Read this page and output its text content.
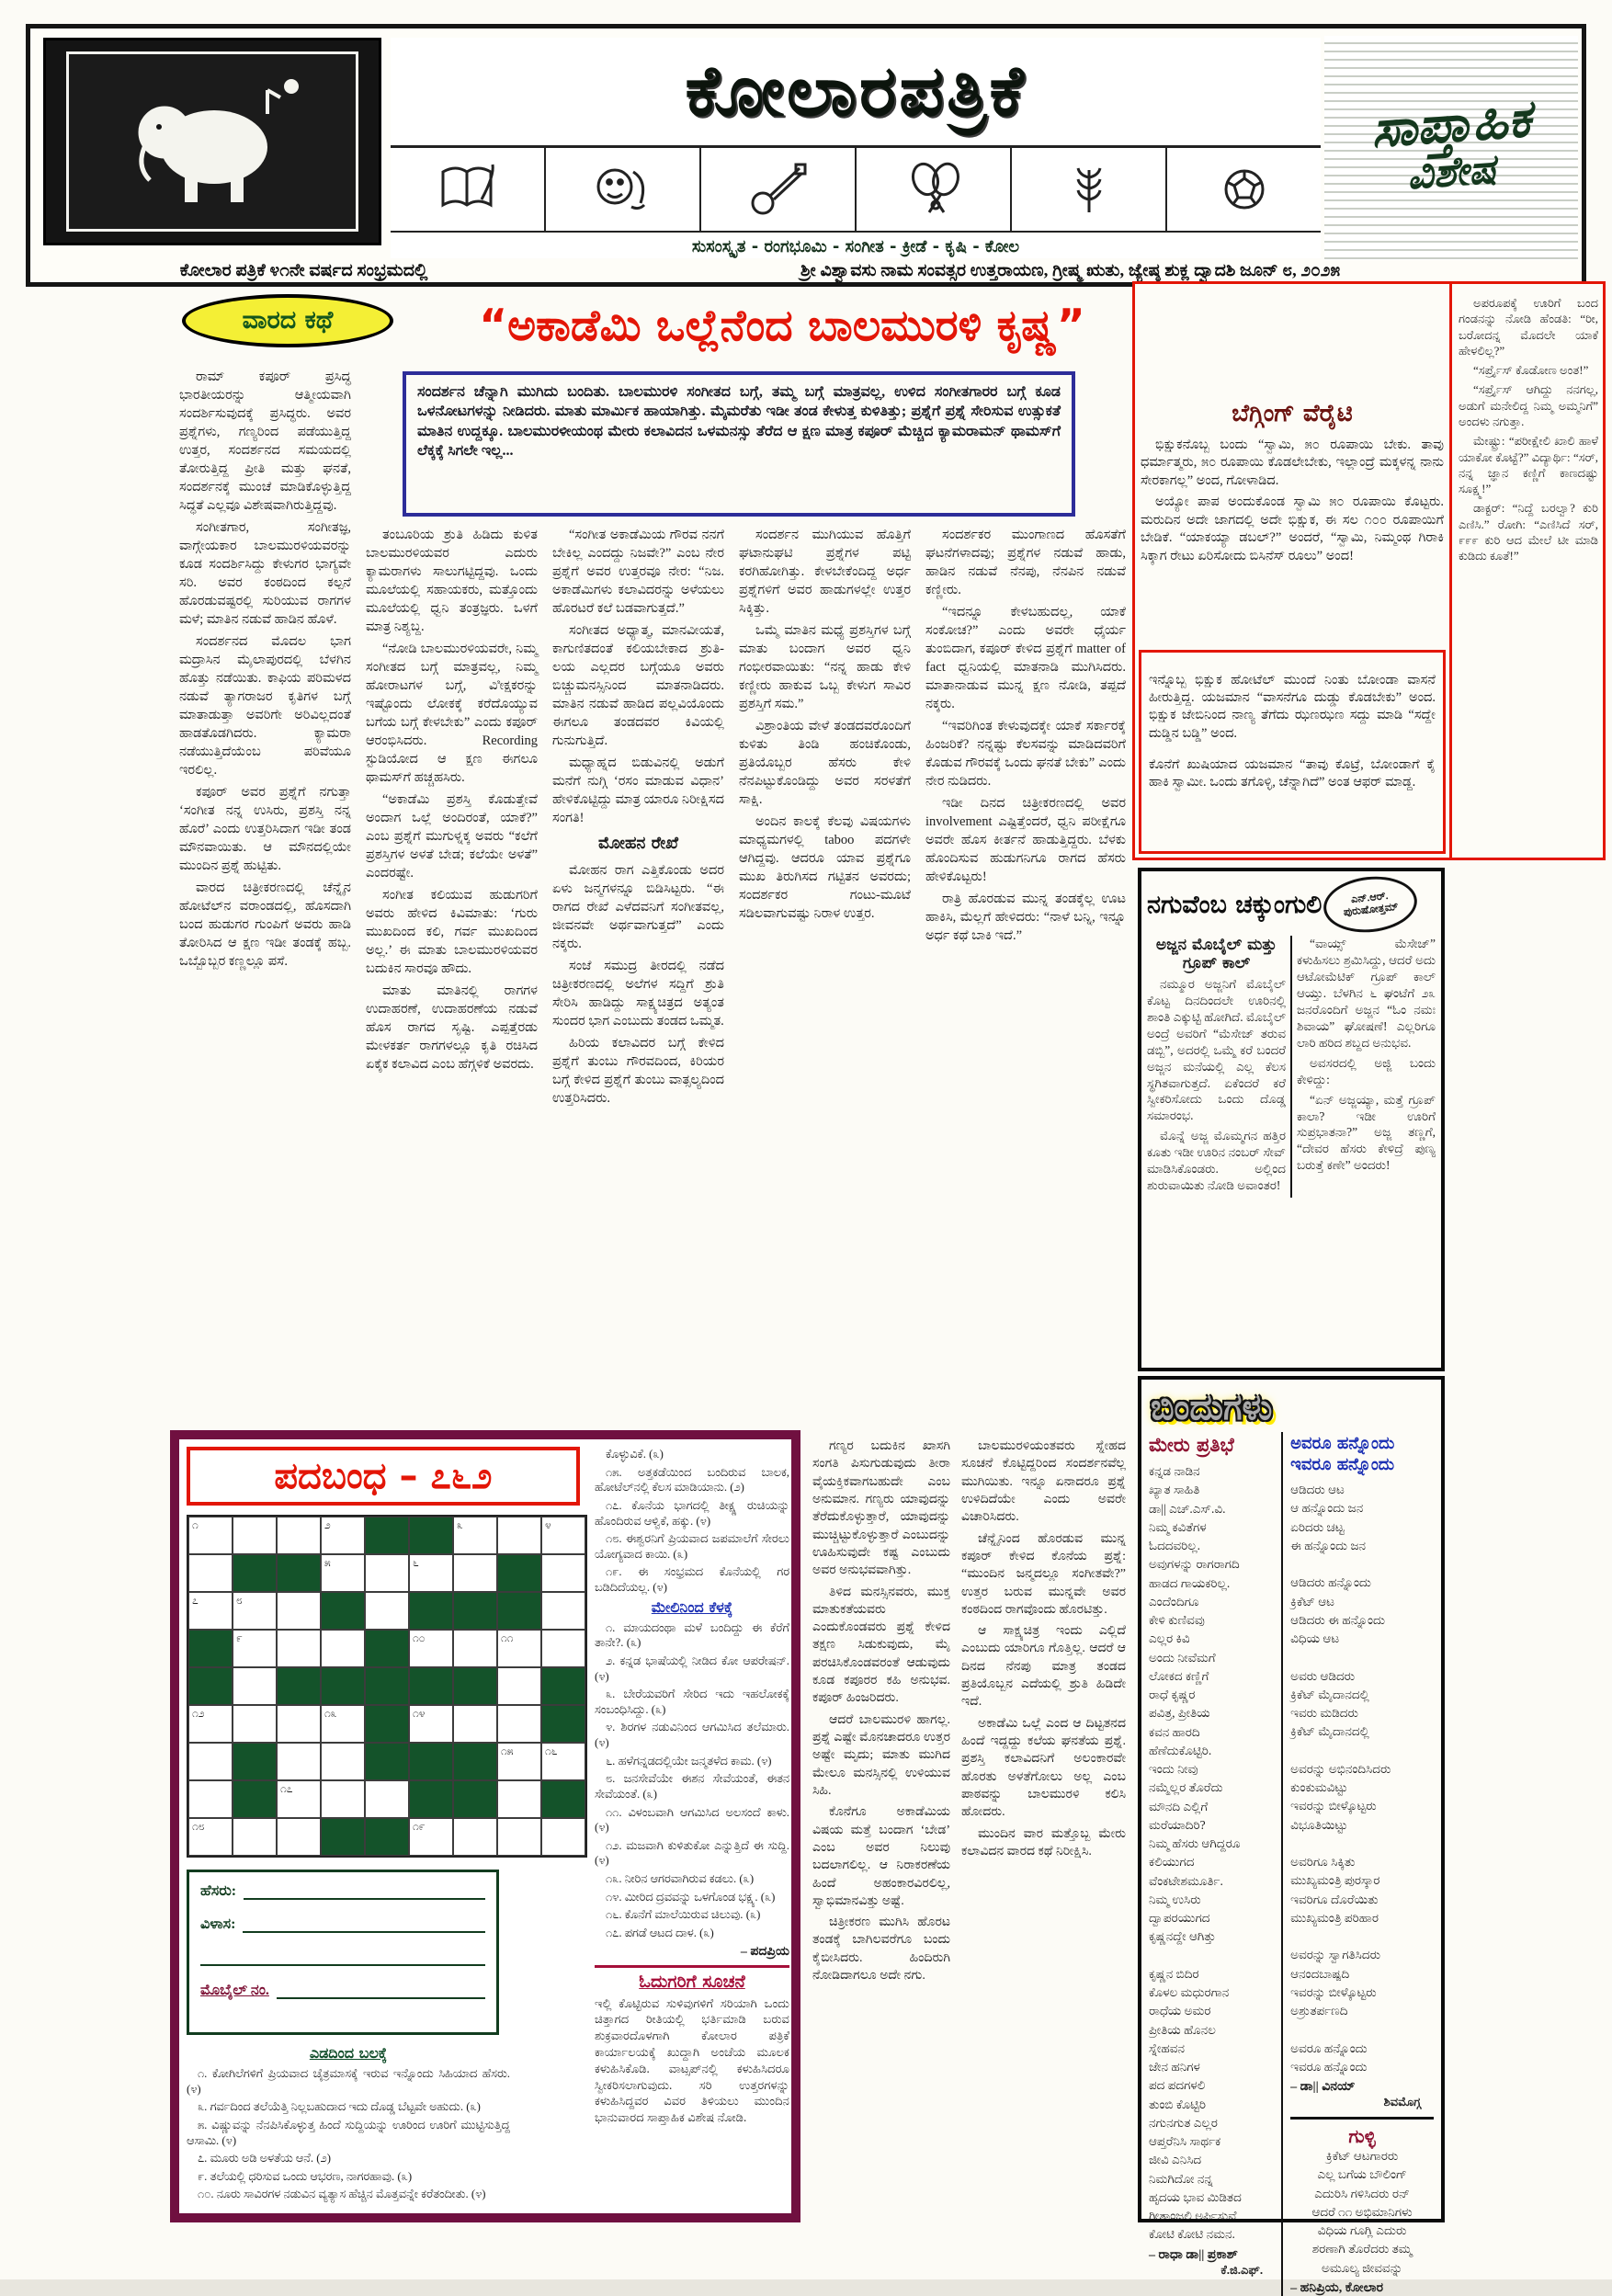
ಕೋಲಾರಪತ್ರಿಕೆ	ಸಾಪ್ತಾಹಿಕ
ವಿಶೇಷ
ಸುಸಂಸ್ಕೃತ - ರಂಗಭೂಮಿ - ಸಂಗೀತ - ಕ್ರೀಡೆ - ಕೃಷಿ - ಕೋಲ
ಕೋಲಾರ ಪತ್ರಿಕೆ ೪೧ನೇ ವರ್ಷದ ಸಂಭ್ರಮದಲ್ಲಿ	ಶ್ರೀ ವಿಶ್ವಾವಸು ನಾಮ ಸಂವತ್ಸರ ಉತ್ತರಾಯಣ, ಗ್ರೀಷ್ಮ ಋತು, ಜ್ಯೇಷ್ಠ ಶುಕ್ಲ ದ್ವಾದಶಿ ಜೂನ್ ೮, ೨೦೨೫
ವಾರದ ಕಥೆ	“ಅಕಾಡೆಮಿ ಒಲ್ಲೆನೆಂದ ಬಾಲಮುರಳಿ ಕೃಷ್ಣ”
ಸಂದರ್ಶನ ಚೆನ್ನಾಗಿ ಮುಗಿದು ಬಂದಿತು. ಬಾಲಮುರಳಿ ಸಂಗೀತದ ಬಗ್ಗೆ, ತಮ್ಮ ಬಗ್ಗೆ ಮಾತ್ರವಲ್ಲ, ಉಳಿದ ಸಂಗೀತಗಾರರ ಬಗ್ಗೆ ಕೂಡ ಒಳನೋಟಗಳನ್ನು ನೀಡಿದರು. ಮಾತು ಮಾರ್ಮಿಕ ಹಾಯಾಗಿತ್ತು. ಮೈಮರೆತು ಇಡೀ ತಂಡ ಕೇಳುತ್ತ ಕುಳಿತಿತ್ತು; ಪ್ರಶ್ನೆಗೆ ಪ್ರಶ್ನೆ ಸೇರಿಸುವ ಉತ್ಸುಕತೆ ಮಾತಿನ ಉದ್ದಕ್ಕೂ. ಬಾಲಮುರಳೀಯಂಥ ಮೇರು ಕಲಾವಿದನ ಒಳಮನಸ್ಸು ತೆರೆದ ಆ ಕ್ಷಣ ಮಾತ್ರ ಕಪೂರ್ ಮೆಚ್ಚಿದ ಕ್ಯಾಮರಾಮನ್ ಥಾಮಸ್‌ಗೆ ಲೆಕ್ಕಕ್ಕೆ ಸಿಗಲೇ ಇಲ್ಲ...

ರಾಮ್ ಕಪೂರ್ ಪ್ರಸಿದ್ಧ ಭಾರತೀಯರನ್ನು ಆತ್ಮೀಯವಾಗಿ ಸಂದರ್ಶಿಸುವುದಕ್ಕೆ ಪ್ರಸಿದ್ಧರು. ಅವರ ಪ್ರಶ್ನೆಗಳು, ಗಣ್ಯರಿಂದ ಪಡೆಯುತ್ತಿದ್ದ ಉತ್ತರ, ಸಂದರ್ಶನದ ಸಮಯದಲ್ಲಿ ತೋರುತ್ತಿದ್ದ ಪ್ರೀತಿ ಮತ್ತು ಘನತೆ, ಸಂದರ್ಶನಕ್ಕೆ ಮುಂಚೆ ಮಾಡಿಕೊಳ್ಳುತ್ತಿದ್ದ ಸಿದ್ಧತೆ ಎಲ್ಲವೂ ವಿಶೇಷವಾಗಿರುತ್ತಿದ್ದವು.

ಸಂಗೀತಗಾರ, ಸಂಗೀತಜ್ಞ, ವಾಗ್ಗೇಯಕಾರ ಬಾಲಮುರಳಿಯವರನ್ನು ಕೂಡ ಸಂದರ್ಶಿಸಿದ್ದು ಕೇಳುಗರ ಭಾಗ್ಯವೇ ಸರಿ. ಅವರ ಕಂಠದಿಂದ ಕಲ್ಪನೆ ಹೊರಡುವಷ್ಟರಲ್ಲಿ ಸುರಿಯುವ ರಾಗಗಳ ಮಳೆ; ಮಾತಿನ ನಡುವೆ ಹಾಡಿನ ಹೊಳೆ.

ಸಂದರ್ಶನದ ಮೊದಲ ಭಾಗ ಮದ್ರಾಸಿನ ಮೈಲಾಪುರದಲ್ಲಿ ಬೆಳಗಿನ ಹೊತ್ತು ನಡೆಯಿತು. ಕಾಫಿಯ ಪರಿಮಳದ ನಡುವೆ ತ್ಯಾಗರಾಜರ ಕೃತಿಗಳ ಬಗ್ಗೆ ಮಾತಾಡುತ್ತಾ ಅವರಿಗೇ ಅರಿವಿಲ್ಲದಂತೆ ಹಾಡತೊಡಗಿದರು. ಕ್ಯಾಮರಾ ನಡೆಯುತ್ತಿದೆಯೆಂಬ ಪರಿವೆಯೂ ಇರಲಿಲ್ಲ.

ಕಪೂರ್ ಅವರ ಪ್ರಶ್ನೆಗೆ ನಗುತ್ತಾ ‘ಸಂಗೀತ ನನ್ನ ಉಸಿರು, ಪ್ರಶಸ್ತಿ ನನ್ನ ಹೊರೆ’ ಎಂದು ಉತ್ತರಿಸಿದಾಗ ಇಡೀ ತಂಡ ಮೌನವಾಯಿತು. ಆ ಮೌನದಲ್ಲಿಯೇ ಮುಂದಿನ ಪ್ರಶ್ನೆ ಹುಟ್ಟಿತು.

ವಾರದ ಚಿತ್ರೀಕರಣದಲ್ಲಿ ಚೆನ್ನೈನ ಹೋಟೆಲ್‌ನ ವರಾಂಡದಲ್ಲಿ, ಹೊಸದಾಗಿ ಬಂದ ಹುಡುಗರ ಗುಂಪಿಗೆ ಅವರು ಹಾಡಿ ತೋರಿಸಿದ ಆ ಕ್ಷಣ ಇಡೀ ತಂಡಕ್ಕೆ ಹಬ್ಬ. ಒಬ್ಬೊಬ್ಬರ ಕಣ್ಣಲ್ಲೂ ಪಸೆ.

ತಂಬೂರಿಯ ಶ್ರುತಿ ಹಿಡಿದು ಕುಳಿತ ಬಾಲಮುರಳಿಯವರ ಎದುರು ಕ್ಯಾಮರಾಗಳು ಸಾಲುಗಟ್ಟಿದ್ದವು. ಒಂದು ಮೂಲೆಯಲ್ಲಿ ಸಹಾಯಕರು, ಮತ್ತೊಂದು ಮೂಲೆಯಲ್ಲಿ ಧ್ವನಿ ತಂತ್ರಜ್ಞರು. ಒಳಗೆ ಮಾತ್ರ ನಿಶ್ಯಬ್ದ.

“ನೋಡಿ ಬಾಲಮುರಳಿಯವರೇ, ನಿಮ್ಮ ಸಂಗೀತದ ಬಗ್ಗೆ ಮಾತ್ರವಲ್ಲ, ನಿಮ್ಮ ಹೋರಾಟಗಳ ಬಗ್ಗೆ, ವಿೀಕ್ಷಕರನ್ನು ಇಷ್ಟೊಂದು ಲೋಕಕ್ಕೆ ಕರೆದೊಯ್ಯುವ ಬಗೆಯ ಬಗ್ಗೆ ಕೇಳಬೇಕು” ಎಂದು ಕಪೂರ್ ಆರಂಭಿಸಿದರು. Recording ಸ್ಟುಡಿಯೋದ ಆ ಕ್ಷಣ ಈಗಲೂ ಥಾಮಸ್‌ಗೆ ಹಚ್ಚಹಸಿರು.

“ಅಕಾಡೆಮಿ ಪ್ರಶಸ್ತಿ ಕೊಡುತ್ತೇವೆ ಅಂದಾಗ ಒಲ್ಲೆ ಅಂದಿರಂತೆ, ಯಾಕೆ?” ಎಂಬ ಪ್ರಶ್ನೆಗೆ ಮುಗುಳ್ನಕ್ಕ ಅವರು “ಕಲೆಗೆ ಪ್ರಶಸ್ತಿಗಳ ಅಳತೆ ಬೇಡ; ಕಲೆಯೇ ಅಳತೆ” ಎಂದರಷ್ಟೇ.

ಸಂಗೀತ ಕಲಿಯುವ ಹುಡುಗರಿಗೆ ಅವರು ಹೇಳಿದ ಕಿವಿಮಾತು: ‘ಗುರು ಮುಖದಿಂದ ಕಲಿ, ಗರ್ವ ಮುಖದಿಂದ ಅಲ್ಲ.’ ಈ ಮಾತು ಬಾಲಮುರಳಿಯವರ ಬದುಕಿನ ಸಾರವೂ ಹೌದು.

ಮಾತು ಮಾತಿನಲ್ಲಿ ರಾಗಗಳ ಉದಾಹರಣೆ, ಉದಾಹರಣೆಯ ನಡುವೆ ಹೊಸ ರಾಗದ ಸೃಷ್ಟಿ. ಎಪ್ಪತ್ತೆರಡು ಮೇಳಕರ್ತ ರಾಗಗಳಲ್ಲೂ ಕೃತಿ ರಚಿಸಿದ ಏಕೈಕ ಕಲಾವಿದ ಎಂಬ ಹೆಗ್ಗಳಿಕೆ ಅವರದು.

“ಸಂಗೀತ ಅಕಾಡೆಮಿಯ ಗೌರವ ನನಗೆ ಬೇಕಿಲ್ಲ ಎಂದದ್ದು ನಿಜವೇ?” ಎಂಬ ನೇರ ಪ್ರಶ್ನೆಗೆ ಅವರ ಉತ್ತರವೂ ನೇರ: “ನಿಜ. ಅಕಾಡೆಮಿಗಳು ಕಲಾವಿದರನ್ನು ಅಳೆಯಲು ಹೊರಟರೆ ಕಲೆ ಬಡವಾಗುತ್ತದೆ.”

ಸಂಗೀತದ ಅಧ್ಯಾತ್ಮ, ಮಾನವೀಯತೆ, ಕಾಗುಣಿತದಂತೆ ಕಲಿಯಬೇಕಾದ ಶ್ರುತಿ-ಲಯ ಎಲ್ಲದರ ಬಗ್ಗೆಯೂ ಅವರು ಬಿಚ್ಚುಮನಸ್ಸಿನಿಂದ ಮಾತನಾಡಿದರು. ಮಾತಿನ ನಡುವೆ ಹಾಡಿದ ಪಲ್ಲವಿಯೊಂದು ಈಗಲೂ ತಂಡದವರ ಕಿವಿಯಲ್ಲಿ ಗುನುಗುತ್ತಿದೆ.

ಮಧ್ಯಾಹ್ನದ ಬಿಡುವಿನಲ್ಲಿ ಅಡುಗೆ ಮನೆಗೆ ನುಗ್ಗಿ ‘ರಸಂ ಮಾಡುವ ವಿಧಾನ’ ಹೇಳಿಕೊಟ್ಟಿದ್ದು ಮಾತ್ರ ಯಾರೂ ನಿರೀಕ್ಷಿಸದ ಸಂಗತಿ!

ಮೋಹನ ರೇಖೆ

ಮೋಹನ ರಾಗ ಎತ್ತಿಕೊಂಡು ಅದರ ಏಳು ಜನ್ಮಗಳನ್ನೂ ಬಿಡಿಸಿಟ್ಟರು. “ಈ ರಾಗದ ರೇಖೆ ಎಳೆದವನಿಗೆ ಸಂಗೀತವಲ್ಲ, ಜೀವನವೇ ಅರ್ಥವಾಗುತ್ತದೆ” ಎಂದು ನಕ್ಕರು.

ಸಂಜೆ ಸಮುದ್ರ ತೀರದಲ್ಲಿ ನಡೆದ ಚಿತ್ರೀಕರಣದಲ್ಲಿ ಅಲೆಗಳ ಸದ್ದಿಗೆ ಶ್ರುತಿ ಸೇರಿಸಿ ಹಾಡಿದ್ದು ಸಾಕ್ಷ್ಯಚಿತ್ರದ ಅತ್ಯಂತ ಸುಂದರ ಭಾಗ ಎಂಬುದು ತಂಡದ ಒಮ್ಮತ.

ಹಿರಿಯ ಕಲಾವಿದರ ಬಗ್ಗೆ ಕೇಳಿದ ಪ್ರಶ್ನೆಗೆ ತುಂಬು ಗೌರವದಿಂದ, ಕಿರಿಯರ ಬಗ್ಗೆ ಕೇಳಿದ ಪ್ರಶ್ನೆಗೆ ತುಂಬು ವಾತ್ಸಲ್ಯದಿಂದ ಉತ್ತರಿಸಿದರು.

ಸಂದರ್ಶನ ಮುಗಿಯುವ ಹೊತ್ತಿಗೆ ಘಟಾನುಘಟಿ ಪ್ರಶ್ನೆಗಳ ಪಟ್ಟಿ ಕರಗಿಹೋಗಿತ್ತು. ಕೇಳಬೇಕೆಂದಿದ್ದ ಅರ್ಧ ಪ್ರಶ್ನೆಗಳಿಗೆ ಅವರ ಹಾಡುಗಳಲ್ಲೇ ಉತ್ತರ ಸಿಕ್ಕಿತ್ತು.

ಒಮ್ಮೆ ಮಾತಿನ ಮಧ್ಯೆ ಪ್ರಶಸ್ತಿಗಳ ಬಗ್ಗೆ ಮಾತು ಬಂದಾಗ ಅವರ ಧ್ವನಿ ಗಂಭೀರವಾಯಿತು: “ನನ್ನ ಹಾಡು ಕೇಳಿ ಕಣ್ಣೀರು ಹಾಕುವ ಒಬ್ಬ ಕೇಳುಗ ಸಾವಿರ ಪ್ರಶಸ್ತಿಗೆ ಸಮ.”

ವಿಶ್ರಾಂತಿಯ ವೇಳೆ ತಂಡದವರೊಂದಿಗೆ ಕುಳಿತು ತಿಂಡಿ ಹಂಚಿಕೊಂಡು, ಪ್ರತಿಯೊಬ್ಬರ ಹೆಸರು ಕೇಳಿ ನೆನಪಿಟ್ಟುಕೊಂಡಿದ್ದು ಅವರ ಸರಳತೆಗೆ ಸಾಕ್ಷಿ.

ಅಂದಿನ ಕಾಲಕ್ಕೆ ಕೆಲವು ವಿಷಯಗಳು ಮಾಧ್ಯಮಗಳಲ್ಲಿ taboo ಪದಗಳೇ ಆಗಿದ್ದವು. ಆದರೂ ಯಾವ ಪ್ರಶ್ನೆಗೂ ಮುಖ ತಿರುಗಿಸದ ಗಟ್ಟಿತನ ಅವರದು; ಸಂದರ್ಶಕರ ಗಂಟು-ಮೂಟೆ ಸಡಿಲವಾಗುವಷ್ಟು ನಿರಾಳ ಉತ್ತರ.

ಸಂದರ್ಶಕರ ಮುಂಗಾಣದ ಹೊಸತೆಗೆ ಘಟನೆಗಳಾದವು; ಪ್ರಶ್ನೆಗಳ ನಡುವೆ ಹಾಡು, ಹಾಡಿನ ನಡುವೆ ನೆನಪು, ನೆನಪಿನ ನಡುವೆ ಕಣ್ಣೀರು.

“ಇದನ್ನೂ ಕೇಳಬಹುದಲ್ಲ, ಯಾಕೆ ಸಂಕೋಚ?” ಎಂದು ಅವರೇ ಧೈರ್ಯ ತುಂಬಿದಾಗ, ಕಪೂರ್ ಕೇಳಿದ ಪ್ರಶ್ನೆಗೆ matter of fact ಧ್ವನಿಯಲ್ಲಿ ಮಾತನಾಡಿ ಮುಗಿಸಿದರು. ಮಾತಾನಾಡುವ ಮುನ್ನ ಕ್ಷಣ ನೋಡಿ, ತಪ್ಪದೆ ನಕ್ಕರು.

“ಇವರಿಗಿಂತ ಕೇಳುವುದಕ್ಕೇ ಯಾಕೆ ಸರ್ಕಾರಕ್ಕೆ ಹಿಂಜರಿಕೆ? ನನ್ನಷ್ಟು ಕೆಲಸವನ್ನು ಮಾಡಿದವರಿಗೆ ಕೊಡುವ ಗೌರವಕ್ಕೆ ಒಂದು ಘನತೆ ಬೇಕು” ಎಂದು ನೇರ ನುಡಿದರು.

ಇಡೀ ದಿನದ ಚಿತ್ರೀಕರಣದಲ್ಲಿ ಅವರ involvement ಎಷ್ಟಿತ್ತೆಂದರೆ, ಧ್ವನಿ ಪರೀಕ್ಷೆಗೂ ಅವರೇ ಹೊಸ ಕೀರ್ತನೆ ಹಾಡುತ್ತಿದ್ದರು. ಬೆಳಕು ಹೊಂದಿಸುವ ಹುಡುಗನಿಗೂ ರಾಗದ ಹೆಸರು ಹೇಳಿಕೊಟ್ಟರು!

ರಾತ್ರಿ ಹೊರಡುವ ಮುನ್ನ ತಂಡಕ್ಕೆಲ್ಲ ಊಟ ಹಾಕಿಸಿ, ಮೆಲ್ಲಗೆ ಹೇಳಿದರು: “ನಾಳೆ ಬನ್ನಿ, ಇನ್ನೂ ಅರ್ಧ ಕಥೆ ಬಾಕಿ ಇದೆ.”

ಗಣ್ಯರ ಬದುಕಿನ ಖಾಸಗಿ ಸಂಗತಿ ಪಿಸುಗುಡುವುದು ತೀರಾ ವೈಯಕ್ತಿಕವಾಗಬಹುದೇ ಎಂಬ ಅನುಮಾನ. ಗಣ್ಯರು ಯಾವುದನ್ನು ತೆರೆದುಕೊಳ್ಳುತ್ತಾರೆ, ಯಾವುದನ್ನು ಮುಚ್ಚಿಟ್ಟುಕೊಳ್ಳುತ್ತಾರೆ ಎಂಬುದನ್ನು ಊಹಿಸುವುದೇ ಕಷ್ಟ ಎಂಬುದು ಅವರ ಅನುಭವವಾಗಿತ್ತು.

ತಿಳಿದ ಮನಸ್ಸಿನವರು, ಮುಕ್ತ ಮಾತುಕತೆಯವರು ಎಂದುಕೊಂಡವರು ಪ್ರಶ್ನೆ ಕೇಳಿದ ತಕ್ಷಣ ಸಿಡುಕುವುದು, ಮೈ ಪರಚಿಸಿಕೊಂಡವರಂತೆ ಆಡುವುದು ಕೂಡ ಕಪೂರರ ಕಹಿ ಅನುಭವ. ಕಪೂರ್ ಹಿಂಜರಿದರು.

ಆದರೆ ಬಾಲಮುರಳಿ ಹಾಗಲ್ಲ. ಪ್ರಶ್ನೆ ಎಷ್ಟೇ ಮೊನಚಾದರೂ ಉತ್ತರ ಅಷ್ಟೇ ಮೃದು; ಮಾತು ಮುಗಿದ ಮೇಲೂ ಮನಸ್ಸಿನಲ್ಲಿ ಉಳಿಯುವ ಸಿಹಿ.

ಕೊನೆಗೂ ಅಕಾಡೆಮಿಯ ವಿಷಯ ಮತ್ತೆ ಬಂದಾಗ ‘ಬೇಡ’ ಎಂಬ ಅವರ ನಿಲುವು ಬದಲಾಗಲಿಲ್ಲ. ಆ ನಿರಾಕರಣೆಯ ಹಿಂದೆ ಅಹಂಕಾರವಿರಲಿಲ್ಲ, ಸ್ವಾಭಿಮಾನವಿತ್ತು ಅಷ್ಟೆ.

ಚಿತ್ರೀಕರಣ ಮುಗಿಸಿ ಹೊರಟ ತಂಡಕ್ಕೆ ಬಾಗಿಲವರೆಗೂ ಬಂದು ಕೈಬೀಸಿದರು. ಹಿಂದಿರುಗಿ ನೋಡಿದಾಗಲೂ ಅದೇ ನಗು.

ಬಾಲಮುರಳಿಯಂತವರು ಸ್ನೇಹದ ಸೂಚನೆ ಕೊಟ್ಟಿದ್ದರಿಂದ ಸಂದರ್ಶನವೆಲ್ಲ ಮುಗಿಯಿತು. ಇನ್ನೂ ಏನಾದರೂ ಪ್ರಶ್ನೆ ಉಳಿದಿದೆಯೇ ಎಂದು ಅವರೇ ವಿಚಾರಿಸಿದರು.

ಚೆನ್ನೈನಿಂದ ಹೊರಡುವ ಮುನ್ನ ಕಪೂರ್ ಕೇಳಿದ ಕೊನೆಯ ಪ್ರಶ್ನೆ: “ಮುಂದಿನ ಜನ್ಮದಲ್ಲೂ ಸಂಗೀತವೇ?” ಉತ್ತರ ಬರುವ ಮುನ್ನವೇ ಅವರ ಕಂಠದಿಂದ ರಾಗವೊಂದು ಹೊರಟಿತ್ತು.

ಆ ಸಾಕ್ಷ್ಯಚಿತ್ರ ಇಂದು ಎಲ್ಲಿದೆ ಎಂಬುದು ಯಾರಿಗೂ ಗೊತ್ತಿಲ್ಲ. ಆದರೆ ಆ ದಿನದ ನೆನಪು ಮಾತ್ರ ತಂಡದ ಪ್ರತಿಯೊಬ್ಬನ ಎದೆಯಲ್ಲಿ ಶ್ರುತಿ ಹಿಡಿದೇ ಇದೆ.

ಅಕಾಡೆಮಿ ಒಲ್ಲೆ ಎಂದ ಆ ದಿಟ್ಟತನದ ಹಿಂದೆ ಇದ್ದದ್ದು ಕಲೆಯ ಘನತೆಯ ಪ್ರಶ್ನೆ. ಪ್ರಶಸ್ತಿ ಕಲಾವಿದನಿಗೆ ಅಲಂಕಾರವೇ ಹೊರತು ಅಳತೆಗೋಲು ಅಲ್ಲ ಎಂಬ ಪಾಠವನ್ನು ಬಾಲಮುರಳಿ ಕಲಿಸಿ ಹೋದರು.

ಮುಂದಿನ ವಾರ ಮತ್ತೊಬ್ಬ ಮೇರು ಕಲಾವಿದನ ವಾರದ ಕಥೆ ನಿರೀಕ್ಷಿಸಿ.

ಬೆಗ್ಗಿಂಗ್ ವೆರೈಟಿ

ಭಿಕ್ಷುಕನೊಬ್ಬ ಬಂದು “ಸ್ವಾಮಿ, ೫೦ ರೂಪಾಯಿ ಬೇಕು. ತಾವು ಧರ್ಮಾತ್ಮರು, ೫೦ ರೂಪಾಯಿ ಕೊಡಲೇಬೇಕು, ಇಲ್ಲಾಂದ್ರೆ ಮಕ್ಕಳನ್ನ ನಾನು ಸೇರಕಾಗಲ್ಲ” ಅಂದ, ಗೋಳಾಡಿದ.

ಅಯ್ಯೋ ಪಾಪ ಅಂದುಕೊಂಡ ಸ್ವಾಮಿ ೫೦ ರೂಪಾಯಿ ಕೊಟ್ಟರು. ಮರುದಿನ ಅದೇ ಜಾಗದಲ್ಲಿ ಅದೇ ಭಿಕ್ಷುಕ, ಈ ಸಲ ೧೦೦ ರೂಪಾಯಿಗೆ ಬೇಡಿಕೆ. “ಯಾಕಯ್ಯಾ ಡಬಲ್?” ಅಂದರೆ, “ಸ್ವಾಮಿ, ನಿಮ್ಮಂಥ ಗಿರಾಕಿ ಸಿಕ್ಕಾಗ ರೇಟು ಏರಿಸೋದು ಬಿಸಿನೆಸ್ ರೂಲು” ಅಂದ!

ಇನ್ನೊಬ್ಬ ಭಿಕ್ಷುಕ ಹೋಟೆಲ್ ಮುಂದೆ ನಿಂತು ಬೋಂಡಾ ವಾಸನೆ ಹೀರುತ್ತಿದ್ದ. ಯಜಮಾನ “ವಾಸನೆಗೂ ದುಡ್ಡು ಕೊಡಬೇಕು” ಅಂದ. ಭಿಕ್ಷುಕ ಜೇಬಿನಿಂದ ನಾಣ್ಯ ತೆಗೆದು ಝಣಝಣ ಸದ್ದು ಮಾಡಿ “ಸದ್ದೇ ದುಡ್ಡಿನ ಬಡ್ಡಿ” ಅಂದ.

ಕೊನೆಗೆ ಖುಷಿಯಾದ ಯಜಮಾನ “ತಾವು ಕೊಟ್ರೆ, ಬೋಂಡಾಗೆ ಕೈ ಹಾಕಿ ಸ್ವಾಮೀ. ಒಂದು ತಗೊಳ್ಳಿ, ಚೆನ್ನಾಗಿದೆ” ಅಂತ ಆಫರ್ ಮಾಡ್ದ.

ಅಪರೂಪಕ್ಕೆ ಊರಿಗೆ ಬಂದ ಗಂಡನನ್ನು ನೋಡಿ ಹೆಂಡತಿ: “ರೀ, ಬರೋದನ್ನ ಮೊದಲೇ ಯಾಕೆ ಹೇಳಲಿಲ್ಲ?”

“ಸರ್ಪ್ರೈಸ್ ಕೊಡೋಣ ಅಂತ!”

“ಸರ್ಪ್ರೈಸ್ ಆಗಿದ್ದು ನನಗಲ್ಲ, ಅಡುಗೆ ಮನೇಲಿದ್ದ ನಿಮ್ಮ ಅಮ್ಮನಿಗೆ” ಅಂದಳು ನಗುತ್ತಾ.

ಮೇಷ್ಟ್ರು: “ಪರೀಕ್ಷೇಲಿ ಖಾಲಿ ಹಾಳೆ ಯಾಕೋ ಕೊಟ್ಟೆ?” ವಿದ್ಯಾರ್ಥಿ: “ಸರ್, ನನ್ನ ಜ್ಞಾನ ಕಣ್ಣಿಗೆ ಕಾಣದಷ್ಟು ಸೂಕ್ಷ್ಮ!”

ಡಾಕ್ಟರ್: “ನಿದ್ದೆ ಬರಲ್ವಾ? ಕುರಿ ಎಣಿಸಿ.” ರೋಗಿ: “ಎಣಿಸಿದೆ ಸರ್, ೯೯೯ ಕುರಿ ಆದ ಮೇಲೆ ಟೀ ಮಾಡಿ ಕುಡಿದು ಕೂತೆ!”

ನಗುವೆಂಬ ಚಕ್ಕುಂಗುಲಿ	ಎನ್.ಆರ್.
ಪುರುಷೋತ್ತಮ್
ಅಜ್ಜನ ಮೊಬೈಲ್ ಮತ್ತು
ಗ್ರೂಪ್ ಕಾಲ್

ನಮ್ಮೂರ ಅಜ್ಜನಿಗೆ ಮೊಬೈಲ್ ಕೊಟ್ಟ ದಿನದಿಂದಲೇ ಊರಿನಲ್ಲಿ ಶಾಂತಿ ಎಕ್ಕುಟ್ಟಿ ಹೋಗಿದೆ. ಮೊಬೈಲ್ ಅಂದ್ರೆ ಅವರಿಗೆ “ಮೆಸೇಜ್ ತರುವ ಡಬ್ಬಿ”, ಅದರಲ್ಲಿ ಒಮ್ಮೆ ಕರೆ ಬಂದರೆ ಅಜ್ಜನ ಮನೆಯಲ್ಲಿ ಎಲ್ಲ ಕೆಲಸ ಸ್ಥಗಿತವಾಗುತ್ತದೆ. ಏಕೆಂದರೆ ಕರೆ ಸ್ವೀಕರಿಸೋದು ಒಂದು ದೊಡ್ಡ ಸಮಾರಂಭ.

ಮೊನ್ನೆ ಅಜ್ಜ ಮೊಮ್ಮಗನ ಹತ್ತಿರ ಕೂತು ಇಡೀ ಊರಿನ ನಂಬರ್ ಸೇವ್ ಮಾಡಿಸಿಕೊಂಡರು. ಅಲ್ಲಿಂದ ಶುರುವಾಯಿತು ನೋಡಿ ಅವಾಂತರ!

“ವಾಯ್ಸ್ ಮೆಸೇಜ್” ಕಳುಹಿಸಲು ಶ್ರಮಿಸಿದ್ದು, ಆದರೆ ಅದು ಆಟೋಮೆಟಿಕ್ ಗ್ರೂಪ್ ಕಾಲ್ ಆಯ್ತು. ಬೆಳಗಿನ ೬ ಘಂಟೆಗೆ ೨೩ ಜನರೊಂದಿಗೆ ಅಜ್ಜನ “ಓಂ ನಮಃ ಶಿವಾಯ” ಘೋಷಣೆ! ಎಲ್ಲರಿಗೂ ಲಾರಿ ಹರಿದ ಶಬ್ದದ ಅನುಭವ.

ಅವಸರದಲ್ಲಿ ಅಜ್ಜಿ ಬಂದು ಕೇಳಿದ್ದು:

“ಏನ್ ಅಜ್ಜಯ್ಯಾ, ಮತ್ತೆ ಗ್ರೂಪ್ ಕಾಲಾ? ಇಡೀ ಊರಿಗೆ ಸುಪ್ರಭಾತನಾ?” ಅಜ್ಜ ತಣ್ಣಗೆ, “ದೇವರ ಹೆಸರು ಕೇಳಿದ್ರೆ ಪುಣ್ಯ ಬರುತ್ತೆ ಕಣೇ” ಅಂದರು!

ಬಿಂದುಗಳು
ಮೇರು ಪ್ರತಿಭೆ
ಕನ್ನಡ ನಾಡಿನ
ಖ್ಯಾತ ಸಾಹಿತಿ
ಡಾ|| ಎಚ್.ಎಸ್.ವಿ.
ನಿಮ್ಮ ಕವಿತೆಗಳ
ಓದದವರಿಲ್ಲ.
ಅವುಗಳನ್ನು ರಾಗರಾಗದಿ
ಹಾಡದ ಗಾಯಕರಿಲ್ಲ.
ಎಂದೆಂದಿಗೂ
ಕೇಳಿ ಕುಣಿವವು
ಎಲ್ಲರ ಕಿವಿ
ಅಂದು ನೀವೆಮಗೆ
ಲೋಕದ ಕಣ್ಣಿಗೆ
ರಾಧೆ ಕೃಷ್ಣರ
ಪವಿತ್ರ, ಪ್ರೀತಿಯ
ಕವನ ಹಾರದಿ
ಹೆಣೆದುಕೊಟ್ಟಿರಿ.
ಇಂದು ನೀವು
ನಮ್ಮೆಲ್ಲರ ತೊರೆದು
ಮೌನದಿ ಎಲ್ಲಿಗೆ
ಮರೆಯಾದಿರಿ?
ನಿಮ್ಮ ಹೆಸರು ಆಗಿದ್ದರೂ
ಕಲಿಯುಗದ
ವೆಂಕಟೇಶಮೂರ್ತಿ.
ನಿಮ್ಮ ಉಸಿರು
ದ್ವಾಪರಯುಗದ
ಕೃಷ್ಣನದ್ದೇ ಆಗಿತ್ತು

ಕೃಷ್ಣನ ಬಿದಿರ
ಕೊಳಲ ಮಧುರಗಾನ
ರಾಧೆಯ ಅಮರ
ಪ್ರೀತಿಯ ಹೊನಲ
ಸ್ನೇಹವನ
ಜೇನ ಹನಿಗಳ
ಪದ ಪದಗಳಲಿ
ತುಂಬಿ ಕೊಟ್ಟಿರಿ
ನಗುನಗುತ ಎಲ್ಲರ
ಆಪ್ತರೆನಿಸಿ ಸಾರ್ಥಕ
ಜೀವಿ ಎನಿಸಿದ
ನಿಮಗಿದೋ ನನ್ನ
ಹೃದಯ ಭಾವ ಮಿಡಿತದ
ಗೀತಾಂಜಲಿ ಅರ್ಪಿಸುವೆ
ಕೋಟಿ ಕೋಟಿ ನಮನ.
– ರಾಧಾ ಡಾ|| ಪ್ರಕಾಶ್
ಕೆ.ಜಿ.ಎಫ್.
ಅವರೂ ಹನ್ನೊಂದು
ಇವರೂ ಹನ್ನೊಂದು
ಆಡಿದರು ಆಟ
ಆ ಹನ್ನೊಂದು ಜನ
ಏರಿದರು ಚಟ್ಟ
ಈ ಹನ್ನೊಂದು ಜನ

ಆಡಿದರು ಹನ್ನೊಂದು
ಕ್ರಿಕೆಟ್ ಆಟ
ಆಡಿದರು ಈ ಹನ್ನೊಂದು
ವಿಧಿಯ ಆಟ

ಅವರು ಆಡಿದರು
ಕ್ರಿಕೆಟ್ ಮೈದಾನದಲ್ಲಿ
ಇವರು ಮಡಿದರು
ಕ್ರಿಕೆಟ್ ಮೈದಾನದಲ್ಲಿ

ಅವರನ್ನು ಅಭಿನಂದಿಸಿದರು
ಕುಂಕುಮವಿಟ್ಟು
ಇವರನ್ನು ಬೀಳ್ಕೊಟ್ಟರು
ವಿಭೂತಿಯಿಟ್ಟು

ಅವರಿಗೂ ಸಿಕ್ಕಿತು
ಮುಖ್ಯಮಂತ್ರಿ ಪುರಸ್ಕಾರ
ಇವರಿಗೂ ದೊರೆಯಿತು
ಮುಖ್ಯಮಂತ್ರಿ ಪರಿಹಾರ

ಅವರನ್ನು ಸ್ವಾಗತಿಸಿದರು
ಆನಂದಬಾಷ್ಪದಿ
ಇವರನ್ನು ಬೀಳ್ಕೊಟ್ಟರು
ಅಶ್ರುತರ್ಪಣದಿ

ಅವರೂ ಹನ್ನೊಂದು
ಇವರೂ ಹನ್ನೊಂದು
– ಡಾ|| ವಿನಯ್
ಶಿವಮೊಗ್ಗ
ಗುಳ್ಳಿ
ಕ್ರಿಕೆಟ್ ಆಟಗಾರರು
ಎಲ್ಲ ಬಗೆಯ ಬೌಲಿಂಗ್
ಎದುರಿಸಿ ಗಳಿಸಿದರು ರನ್
ಆದರೆ ೧೧ ಅಭಿಮಾನಿಗಳು
ವಿಧಿಯ ಗೂಗ್ಲಿ ಎದುರು
ಶರಣಾಗಿ ತೊರೆದರು ತಮ್ಮ
ಅಮೂಲ್ಯ ಜೀವವನ್ನು
– ಹನಿಪ್ರಿಯ, ಕೋಲಾರ
ಪದಬಂಧ – ೭೬೨
೧	೨	೩	೪
೫	೬
೭	೮
೯	೧೦	೧೧
೧೨	೧೩	೧೪
೧೫	೧೬
೧೭
೧೮	೧೯
ಹೆಸರು:
ವಿಳಾಸ:
ಮೊಬೈಲ್ ನಂ.
ಎಡದಿಂದ ಬಲಕ್ಕೆ

೧. ಕೋಗಿಲೆಗಳಿಗೆ ಪ್ರಿಯವಾದ ಚೈತ್ರಮಾಸಕ್ಕೆ ಇರುವ ಇನ್ನೊಂದು ಸಿಹಿಯಾದ ಹೆಸರು. (೪)

೩. ಗರ್ವದಿಂದ ತಲೆಯೆತ್ತಿ ನಿಲ್ಲಬಹುದಾದ ಇದು ದೊಡ್ಡ ಬೆಟ್ಟವೇ ಅಹುದು. (೩)

೫. ವಿಷ್ಣುವನ್ನು ನೆನಪಿಸಿಕೊಳ್ಳುತ್ತ ಹಿಂದೆ ಸುದ್ದಿಯನ್ನು ಊರಿಂದ ಊರಿಗೆ ಮುಟ್ಟಿಸುತ್ತಿದ್ದ ಆಸಾಮಿ. (೪)

೭. ಮೂರು ಅಡಿ ಅಳತೆಯ ಆನೆ. (೨)

೯. ತಲೆಯಲ್ಲಿ ಧರಿಸುವ ಒಂದು ಆಭರಣ, ನಾಗರಹಾವು. (೩)

೧೦. ನೂರು ಸಾವಿರಗಳ ನಡುವಿನ ವ್ಯತ್ಯಾಸ ಹೆಚ್ಚಿನ ಮೊತ್ತವನ್ನೇ ಕರೆತಂದೀತು. (೪)

ಕೊಳ್ಳುವಿಕೆ. (೩)

೧೫. ಅತ್ತಕಡೆಯಿಂದ ಬಂದಿರುವ ಬಾಲಕ, ಹೋಟೆಲ್‌ನಲ್ಲಿ ಕೆಲಸ ಮಾಡಿಯಾನು. (೨)

೧೭. ಕೊನೆಯ ಭಾಗದಲ್ಲಿ ತೀಕ್ಷ್ಣ ರುಚಿಯನ್ನು ಹೊಂದಿರುವ ಆಳ್ವಿಕೆ, ಹಕ್ಕು. (೪)

೧೮. ಈಶ್ವರನಿಗೆ ಪ್ರಿಯವಾದ ಜಪಮಾಲೆಗೆ ಸೇರಲು ಯೋಗ್ಯವಾದ ಕಾಯಿ. (೩)

೧೯. ಈ ಸಂಭ್ರಮದ ಕೊನೆಯಲ್ಲಿ ಗರ ಬಡಿದಿದೆಯಲ್ಲ. (೪)

ಮೇಲಿನಿಂದ ಕೆಳಕ್ಕೆ

೧. ಮಾಯದಂಥಾ ಮಳೆ ಬಂದಿದ್ದು ಈ ಕೆರೆಗೆ ತಾನೇ?. (೩)

೨. ಕನ್ನಡ ಭಾಷೆಯಲ್ಲಿ ನೀಡಿದ ಕೋ ಆಪರೇಷನ್. (೪)

೩. ಬೇರೆಯವರಿಗೆ ಸೇರಿದ ಇದು ಇಹಲೋಕಕ್ಕೆ ಸಂಬಂಧಿಸಿದ್ದು. (೩)

೪. ಶಿರಗಳ ನಡುವಿನಿಂದ ಆಗಮಿಸಿದ ತಲೆಮಾರು. (೪)

೬. ಹಳೆಗನ್ನಡದಲ್ಲಿಯೇ ಜನ್ಮತಳೆದ ಕಾಮ. (೪)

೮. ಜನಸೇವೆಯೇ ಈಶನ ಸೇವೆಯಂತೆ, ಈತನ ಸೇವೆಯಂತೆ. (೩)

೧೧. ವಿಳಂಬವಾಗಿ ಆಗಮಿಸಿದ ಅಲಸಂದೆ ಕಾಳು. (೪)

೧೨. ಮಜವಾಗಿ ಕುಳಿತುಕೋ ಎನ್ನುತ್ತಿದೆ ಈ ಸುದ್ದಿ. (೪)

೧೩. ನೀರಿನ ಆಗರವಾಗಿರುವ ಕಡಲು. (೩)

೧೪. ಮೀರಿದ ದ್ರವವನ್ನು ಒಳಗೊಂಡ ಭಕ್ಷ್ಯ. (೩)

೧೬. ಕೊನೆಗೆ ಮಾಲೆಯಿರುವ ಚಿಲುವು. (೩)

೧೭. ಪಗಡೆ ಆಟದ ದಾಳ. (೩)

– ಪದಪ್ರಿಯ
ಓದುಗರಿಗೆ ಸೂಚನೆ
ಇಲ್ಲಿ ಕೊಟ್ಟಿರುವ ಸುಳಿವುಗಳಿಗೆ ಸರಿಯಾಗಿ ಒಂದು ಚಿತ್ತಾಗದ ರೀತಿಯಲ್ಲಿ ಭರ್ತಿಮಾಡಿ ಬರುವ ಶುಕ್ರವಾರದೊಳಗಾಗಿ ಕೋಲಾರ ಪತ್ರಿಕೆ ಕಾರ್ಯಾಲಯಕ್ಕೆ ಖುದ್ದಾಗಿ ಅಂಚೆಯ ಮೂಲಕ ಕಳುಹಿಸಿಕೊಡಿ. ವಾಟ್ಸಪ್‌ನಲ್ಲಿ ಕಳುಹಿಸಿದರೂ ಸ್ವೀಕರಿಸಲಾಗುವುದು. ಸರಿ ಉತ್ತರಗಳನ್ನು ಕಳುಹಿಸಿದ್ದವರ ವಿವರ ತಿಳಿಯಲು ಮುಂದಿನ ಭಾನುವಾರದ ಸಾಪ್ತಾಹಿಕ ವಿಶೇಷ ನೋಡಿ.
